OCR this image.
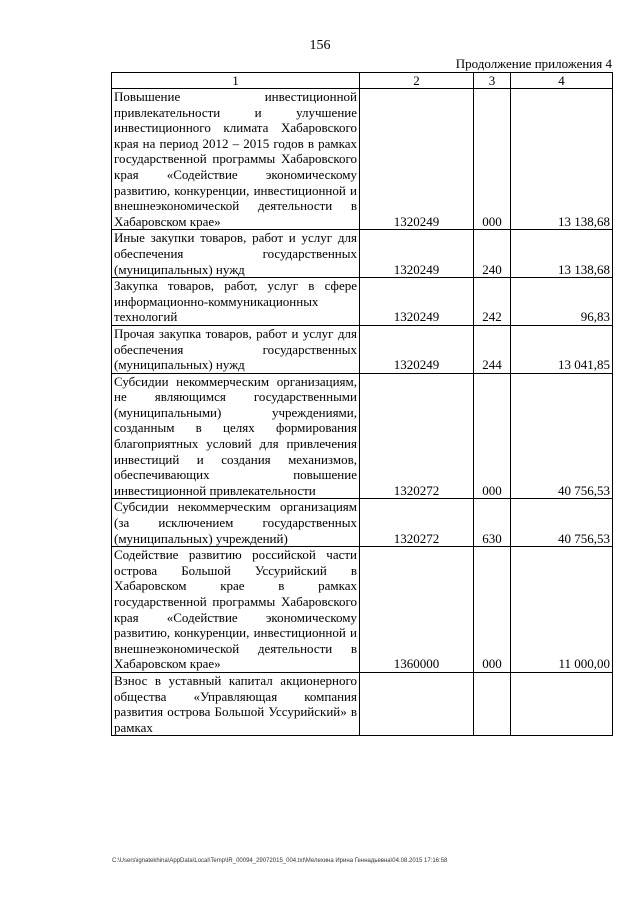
156
Продолжение приложения 4
1	2	3	4
Повышение инвестиционной привлекательности и улучшение инвестиционного климата Хабаровского края на период 2012 – 2015 годов в рамках государственной программы Хабаровского края «Содействие экономическому развитию, конкуренции, инвестиционной и внешнеэкономической деятельности в Хабаровском крае»	1320249	000	13 138,68
Иные закупки товаров, работ и услуг для обеспечения государственных (муниципальных) нужд	1320249	240	13 138,68
Закупка товаров, работ, услуг в сфере информационно-коммуникационных технологий	1320249	242	96,83
Прочая закупка товаров, работ и услуг для обеспечения государственных (муниципальных) нужд	1320249	244	13 041,85
Субсидии некоммерческим организациям, не являющимся государственными (муниципальными) учреждениями, созданным в целях формирования благоприятных условий для привлечения инвестиций и создания механизмов, обеспечивающих повышение инвестиционной привлекательности	1320272	000	40 756,53
Субсидии некоммерческим организациям (за исключением государственных (муниципальных) учреждений)	1320272	630	40 756,53
Содействие развитию российской части острова Большой Уссурийский в Хабаровском крае в рамках государственной программы Хабаровского края «Содействие экономическому развитию, конкуренции, инвестиционной и внешнеэкономической деятельности в Хабаровском крае»	1360000	000	11 000,00
Взнос в уставный капитал акционерного общества «Управляющая компания развития острова Большой Уссурийский» в рамках			
C:\Users\ignatekhina\AppData\Local\Temp\IR_00094_29072015_004.txt\Мелехина Ирина Геннадьевна\04.08.2015 17:16:58
